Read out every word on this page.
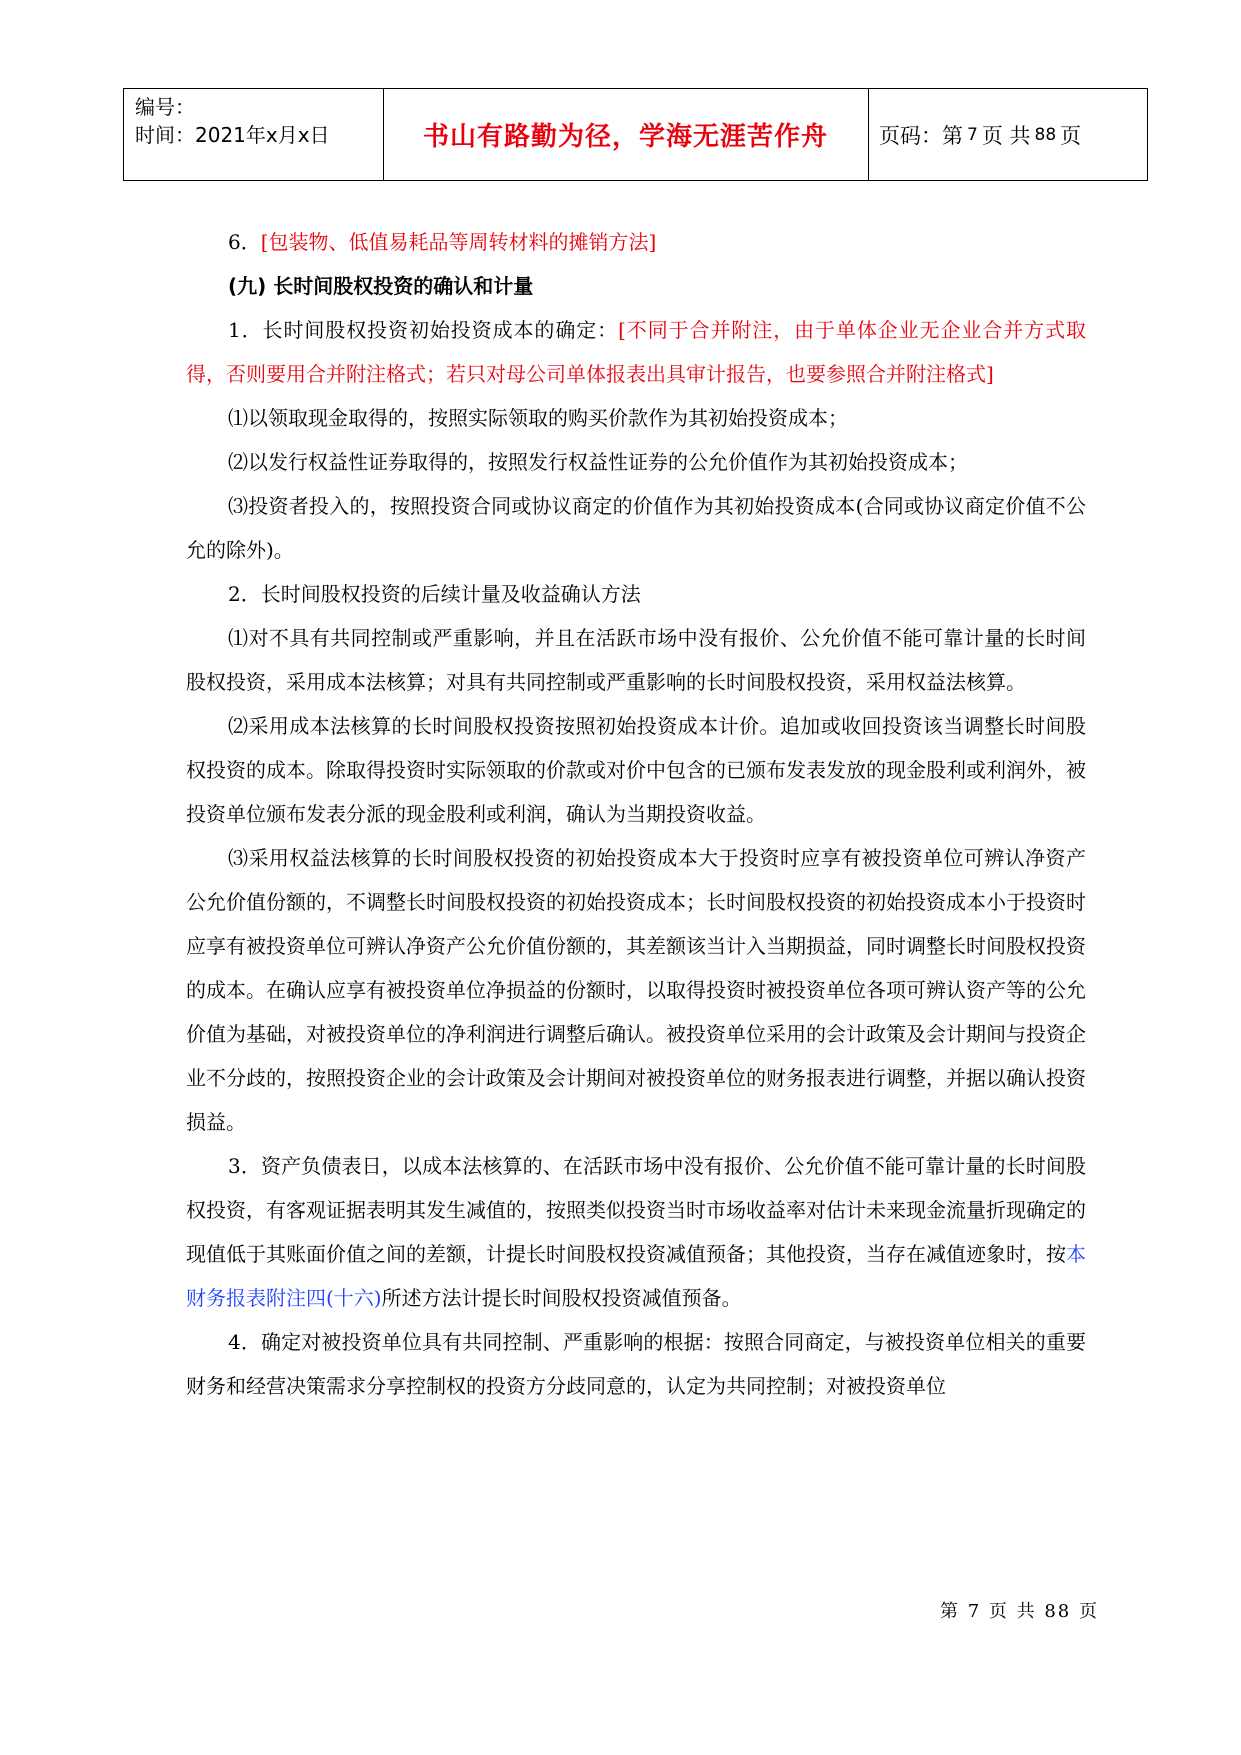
编号：
时间：2021年x月x日	书山有路勤为径，学海无涯苦作舟	页码：第 7 页 共 88 页

6．[包装物、低值易耗品等周转材料的摊销方法]

(九) 长时间股权投资的确认和计量

1．长时间股权投资初始投资成本的确定：[不同于合并附注，由于单体企业无企业合并方式取得，否则要用合并附注格式；若只对母公司单体报表出具审计报告，也要参照合并附注格式]

⑴以领取现金取得的，按照实际领取的购买价款作为其初始投资成本；

⑵以发行权益性证券取得的，按照发行权益性证券的公允价值作为其初始投资成本；

⑶投资者投入的，按照投资合同或协议商定的价值作为其初始投资成本(合同或协议商定价值不公允的除外)。

2．长时间股权投资的后续计量及收益确认方法

⑴对不具有共同控制或严重影响，并且在活跃市场中没有报价、公允价值不能可靠计量的长时间股权投资，采用成本法核算；对具有共同控制或严重影响的长时间股权投资，采用权益法核算。

⑵采用成本法核算的长时间股权投资按照初始投资成本计价。追加或收回投资该当调整长时间股权投资的成本。除取得投资时实际领取的价款或对价中包含的已颁布发表发放的现金股利或利润外，被投资单位颁布发表分派的现金股利或利润，确认为当期投资收益。

⑶采用权益法核算的长时间股权投资的初始投资成本大于投资时应享有被投资单位可辨认净资产公允价值份额的，不调整长时间股权投资的初始投资成本；长时间股权投资的初始投资成本小于投资时应享有被投资单位可辨认净资产公允价值份额的，其差额该当计入当期损益，同时调整长时间股权投资的成本。在确认应享有被投资单位净损益的份额时，以取得投资时被投资单位各项可辨认资产等的公允价值为基础，对被投资单位的净利润进行调整后确认。被投资单位采用的会计政策及会计期间与投资企业不分歧的，按照投资企业的会计政策及会计期间对被投资单位的财务报表进行调整，并据以确认投资损益。

3．资产负债表日，以成本法核算的、在活跃市场中没有报价、公允价值不能可靠计量的长时间股权投资，有客观证据表明其发生减值的，按照类似投资当时市场收益率对估计未来现金流量折现确定的现值低于其账面价值之间的差额，计提长时间股权投资减值预备；其他投资，当存在减值迹象时，按本财务报表附注四(十六)所述方法计提长时间股权投资减值预备。

4．确定对被投资单位具有共同控制、严重影响的根据：按照合同商定，与被投资单位相关的重要财务和经营决策需求分享控制权的投资方分歧同意的，认定为共同控制；对被投资单位

第 7 页 共 88 页
